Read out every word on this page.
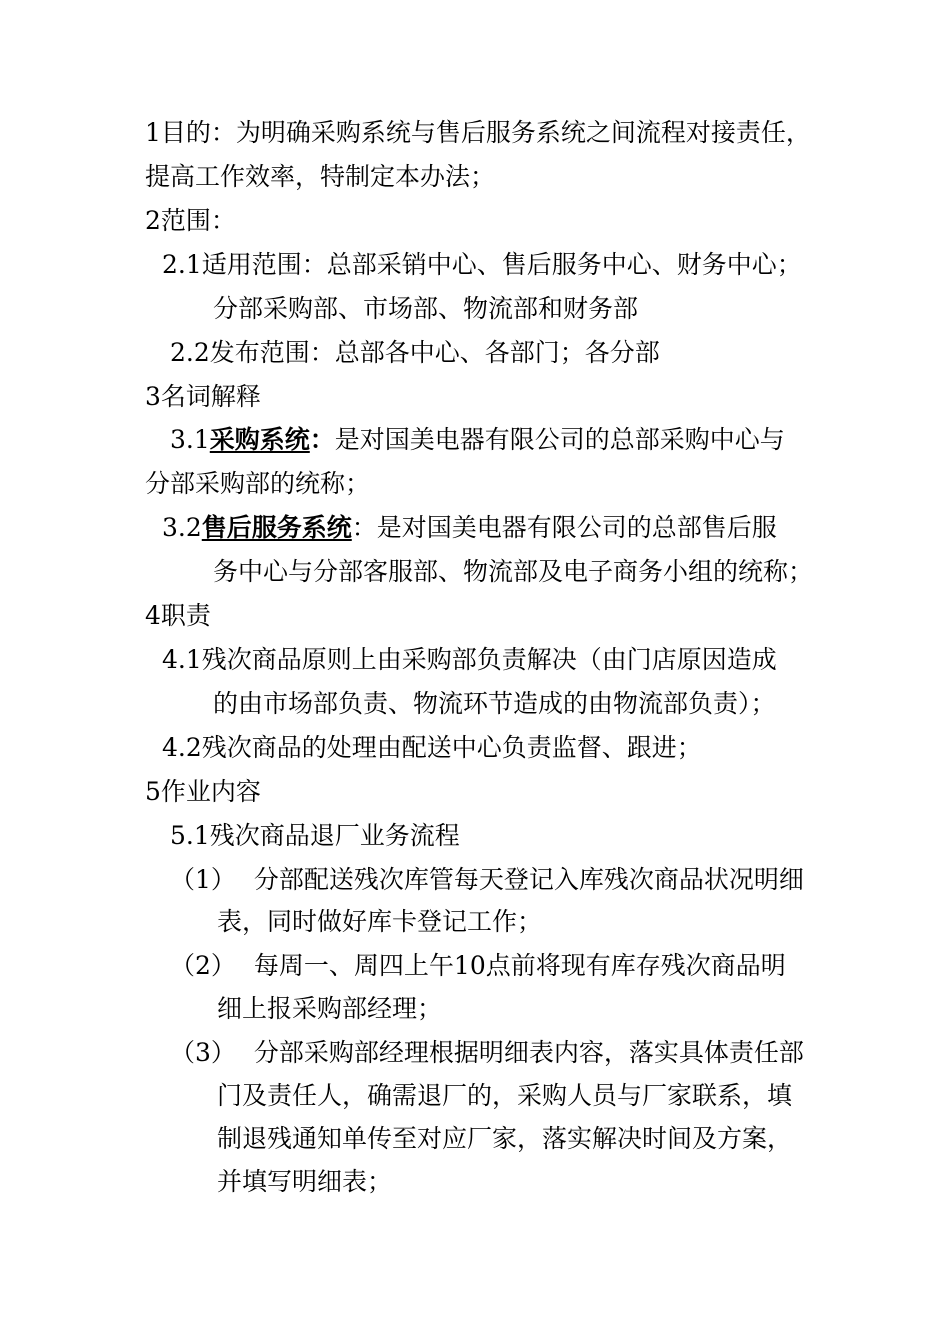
1目的：为明确采购系统与售后服务系统之间流程对接责任，
提高工作效率，特制定本办法；
2范围：
2.1适用范围：总部采销中心、售后服务中心、财务中心；
分部采购部、市场部、物流部和财务部
2.2发布范围：总部各中心、各部门；各分部
3名词解释
3.1采购系统：是对国美电器有限公司的总部采购中心与
分部采购部的统称；
3.2售后服务系统：是对国美电器有限公司的总部售后服
务中心与分部客服部、物流部及电子商务小组的统称；
4职责
4.1残次商品原则上由采购部负责解决（由门店原因造成
的由市场部负责、物流环节造成的由物流部负责）；
4.2残次商品的处理由配送中心负责监督、跟进；
5作业内容
5.1残次商品退厂业务流程
（1） 分部配送残次库管每天登记入库残次商品状况明细
表，同时做好库卡登记工作；
（2） 每周一、周四上午10点前将现有库存残次商品明
细上报采购部经理；
（3） 分部采购部经理根据明细表内容，落实具体责任部
门及责任人，确需退厂的，采购人员与厂家联系，填
制退残通知单传至对应厂家，落实解决时间及方案，
并填写明细表；
